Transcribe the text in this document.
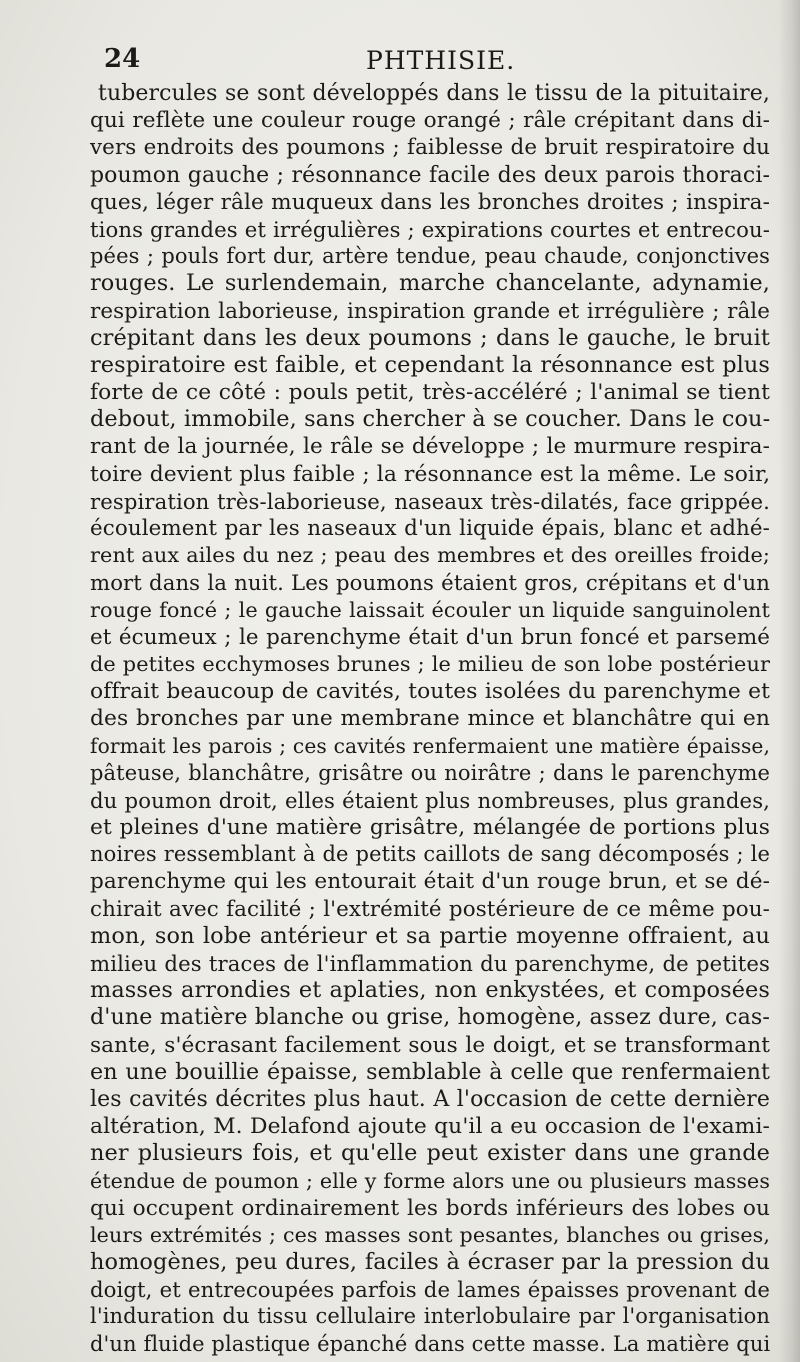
24	PHTHISIE.
tubercules se sont développés dans le tissu de la pituitaire,
qui reflète une couleur rouge orangé ; râle crépitant dans di-
vers endroits des poumons ; faiblesse de bruit respiratoire du
poumon gauche ; résonnance facile des deux parois thoraci-
ques, léger râle muqueux dans les bronches droites ; inspira-
tions grandes et irrégulières ; expirations courtes et entrecou-
pées ; pouls fort dur, artère tendue, peau chaude, conjonctives
rouges. Le surlendemain, marche chancelante, adynamie,
respiration laborieuse, inspiration grande et irrégulière ; râle
crépitant dans les deux poumons ; dans le gauche, le bruit
respiratoire est faible, et cependant la résonnance est plus
forte de ce côté : pouls petit, très-accéléré ; l'animal se tient
debout, immobile, sans chercher à se coucher. Dans le cou-
rant de la journée, le râle se développe ; le murmure respira-
toire devient plus faible ; la résonnance est la même. Le soir,
respiration très-laborieuse, naseaux très-dilatés, face grippée.
écoulement par les naseaux d'un liquide épais, blanc et adhé-
rent aux ailes du nez ; peau des membres et des oreilles froide;
mort dans la nuit. Les poumons étaient gros, crépitans et d'un
rouge foncé ; le gauche laissait écouler un liquide sanguinolent
et écumeux ; le parenchyme était d'un brun foncé et parsemé
de petites ecchymoses brunes ; le milieu de son lobe postérieur
offrait beaucoup de cavités, toutes isolées du parenchyme et
des bronches par une membrane mince et blanchâtre qui en
formait les parois ; ces cavités renfermaient une matière épaisse,
pâteuse, blanchâtre, grisâtre ou noirâtre ; dans le parenchyme
du poumon droit, elles étaient plus nombreuses, plus grandes,
et pleines d'une matière grisâtre, mélangée de portions plus
noires ressemblant à de petits caillots de sang décomposés ; le
parenchyme qui les entourait était d'un rouge brun, et se dé-
chirait avec facilité ; l'extrémité postérieure de ce même pou-
mon, son lobe antérieur et sa partie moyenne offraient, au
milieu des traces de l'inflammation du parenchyme, de petites
masses arrondies et aplaties, non enkystées, et composées
d'une matière blanche ou grise, homogène, assez dure, cas-
sante, s'écrasant facilement sous le doigt, et se transformant
en une bouillie épaisse, semblable à celle que renfermaient
les cavités décrites plus haut. A l'occasion de cette dernière
altération, M. Delafond ajoute qu'il a eu occasion de l'exami-
ner plusieurs fois, et qu'elle peut exister dans une grande
étendue de poumon ; elle y forme alors une ou plusieurs masses
qui occupent ordinairement les bords inférieurs des lobes ou
leurs extrémités ; ces masses sont pesantes, blanches ou grises,
homogènes, peu dures, faciles à écraser par la pression du
doigt, et entrecoupées parfois de lames épaisses provenant de
l'induration du tissu cellulaire interlobulaire par l'organisation
d'un fluide plastique épanché dans cette masse. La matière qui
